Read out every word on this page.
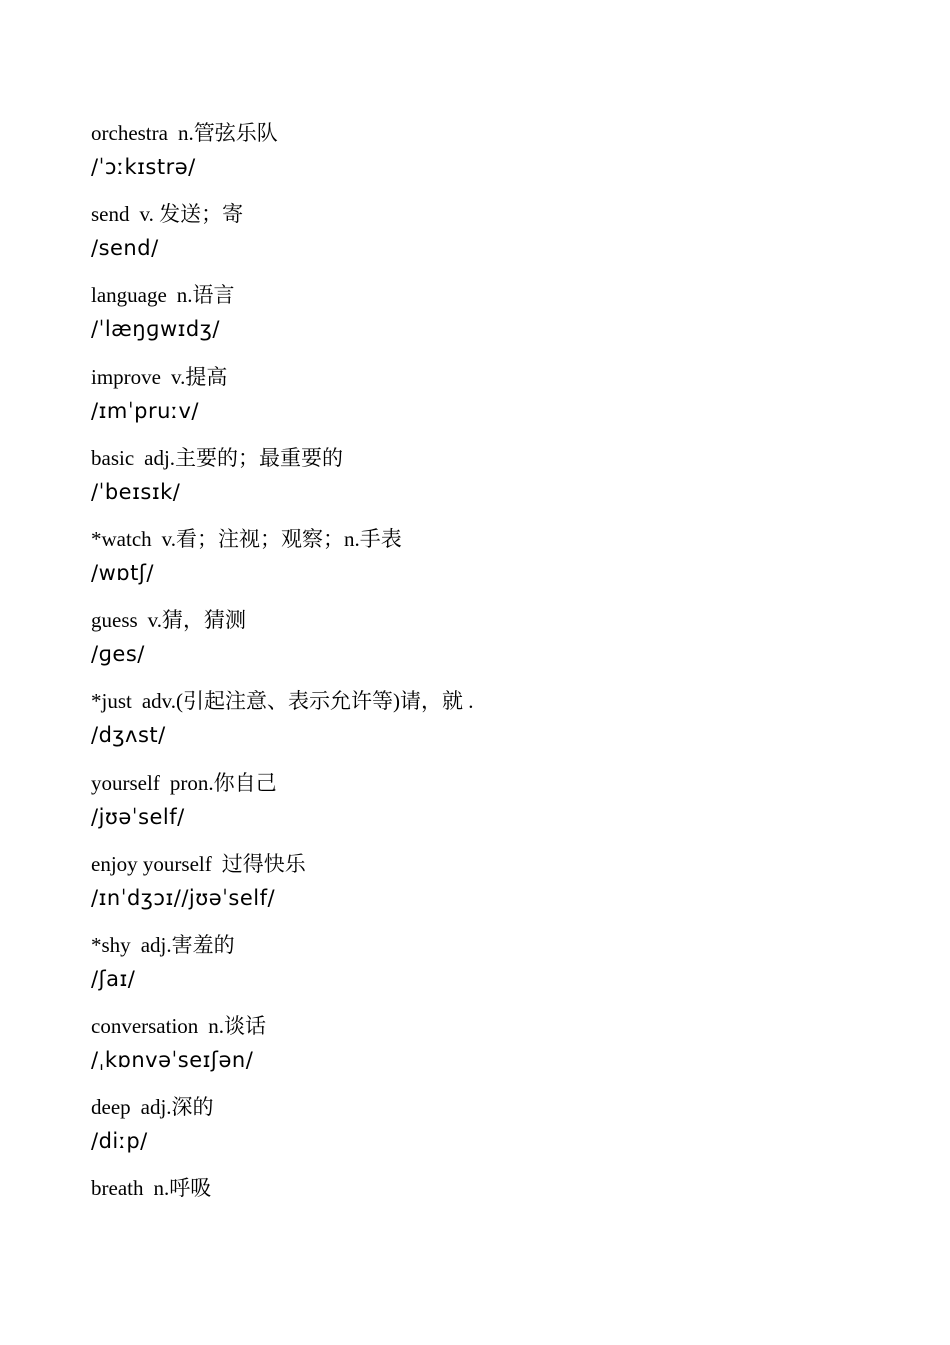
orchestra n.管弦乐队
/ˈɔːkɪstrə/
send v. 发送；寄
/send/
language n.语言
/ˈlæŋɡwɪdʒ/
improve v.提高
/ɪmˈpruːv/
basic adj.主要的；最重要的
/ˈbeɪsɪk/
*watch v.看；注视；观察；n.手表
/wɒtʃ/
guess v.猜，猜测
/ɡes/
*just adv.(引起注意、表示允许等)请，就 .
/dʒʌst/
yourself pron.你自己
/jʊəˈself/
enjoy yourself 过得快乐
/ɪnˈdʒɔɪ//jʊəˈself/
*shy adj.害羞的
/ʃaɪ/
conversation n.谈话
/ˌkɒnvəˈseɪʃən/
deep adj.深的
/diːp/
breath n.呼吸
